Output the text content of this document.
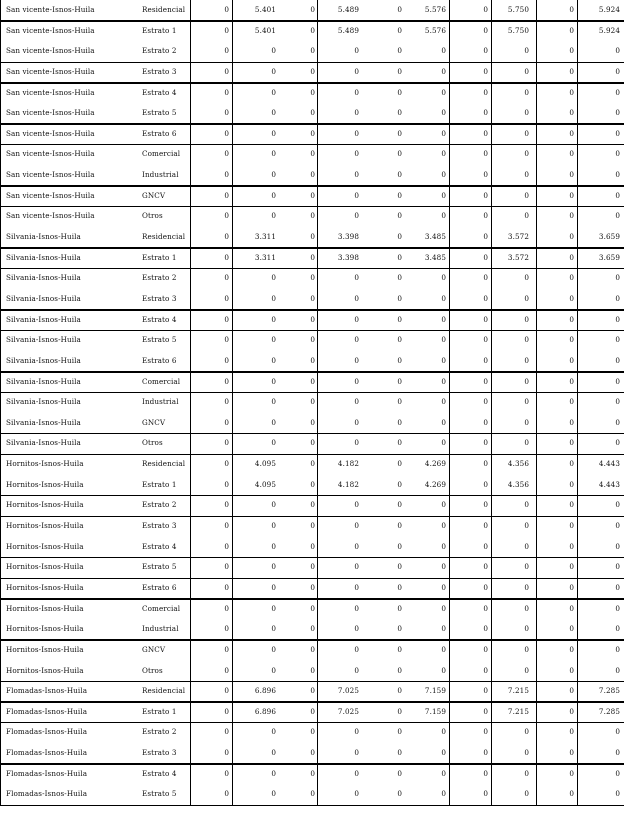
San vicente-Isnos-Huila	Residencial	0	5.401	0	5.489	0	5.576	0	5.750	0	5.924
San vicente-Isnos-Huila	Estrato 1	0	5.401	0	5.489	0	5.576	0	5.750	0	5.924
San vicente-Isnos-Huila	Estrato 2	0	0	0	0	0	0	0	0	0	0
San vicente-Isnos-Huila	Estrato 3	0	0	0	0	0	0	0	0	0	0
San vicente-Isnos-Huila	Estrato 4	0	0	0	0	0	0	0	0	0	0
San vicente-Isnos-Huila	Estrato 5	0	0	0	0	0	0	0	0	0	0
San vicente-Isnos-Huila	Estrato 6	0	0	0	0	0	0	0	0	0	0
San vicente-Isnos-Huila	Comercial	0	0	0	0	0	0	0	0	0	0
San vicente-Isnos-Huila	Industrial	0	0	0	0	0	0	0	0	0	0
San vicente-Isnos-Huila	GNCV	0	0	0	0	0	0	0	0	0	0
San vicente-Isnos-Huila	Otros	0	0	0	0	0	0	0	0	0	0
Silvania-Isnos-Huila	Residencial	0	3.311	0	3.398	0	3.485	0	3.572	0	3.659
Silvania-Isnos-Huila	Estrato 1	0	3.311	0	3.398	0	3.485	0	3.572	0	3.659
Silvania-Isnos-Huila	Estrato 2	0	0	0	0	0	0	0	0	0	0
Silvania-Isnos-Huila	Estrato 3	0	0	0	0	0	0	0	0	0	0
Silvania-Isnos-Huila	Estrato 4	0	0	0	0	0	0	0	0	0	0
Silvania-Isnos-Huila	Estrato 5	0	0	0	0	0	0	0	0	0	0
Silvania-Isnos-Huila	Estrato 6	0	0	0	0	0	0	0	0	0	0
Silvania-Isnos-Huila	Comercial	0	0	0	0	0	0	0	0	0	0
Silvania-Isnos-Huila	Industrial	0	0	0	0	0	0	0	0	0	0
Silvania-Isnos-Huila	GNCV	0	0	0	0	0	0	0	0	0	0
Silvania-Isnos-Huila	Otros	0	0	0	0	0	0	0	0	0	0
Hornitos-Isnos-Huila	Residencial	0	4.095	0	4.182	0	4.269	0	4.356	0	4.443
Hornitos-Isnos-Huila	Estrato 1	0	4.095	0	4.182	0	4.269	0	4.356	0	4.443
Hornitos-Isnos-Huila	Estrato 2	0	0	0	0	0	0	0	0	0	0
Hornitos-Isnos-Huila	Estrato 3	0	0	0	0	0	0	0	0	0	0
Hornitos-Isnos-Huila	Estrato 4	0	0	0	0	0	0	0	0	0	0
Hornitos-Isnos-Huila	Estrato 5	0	0	0	0	0	0	0	0	0	0
Hornitos-Isnos-Huila	Estrato 6	0	0	0	0	0	0	0	0	0	0
Hornitos-Isnos-Huila	Comercial	0	0	0	0	0	0	0	0	0	0
Hornitos-Isnos-Huila	Industrial	0	0	0	0	0	0	0	0	0	0
Hornitos-Isnos-Huila	GNCV	0	0	0	0	0	0	0	0	0	0
Hornitos-Isnos-Huila	Otros	0	0	0	0	0	0	0	0	0	0
Flomadas-Isnos-Huila	Residencial	0	6.896	0	7.025	0	7.159	0	7.215	0	7.285
Flomadas-Isnos-Huila	Estrato 1	0	6.896	0	7.025	0	7.159	0	7.215	0	7.285
Flomadas-Isnos-Huila	Estrato 2	0	0	0	0	0	0	0	0	0	0
Flomadas-Isnos-Huila	Estrato 3	0	0	0	0	0	0	0	0	0	0
Flomadas-Isnos-Huila	Estrato 4	0	0	0	0	0	0	0	0	0	0
Flomadas-Isnos-Huila	Estrato 5	0	0	0	0	0	0	0	0	0	0
